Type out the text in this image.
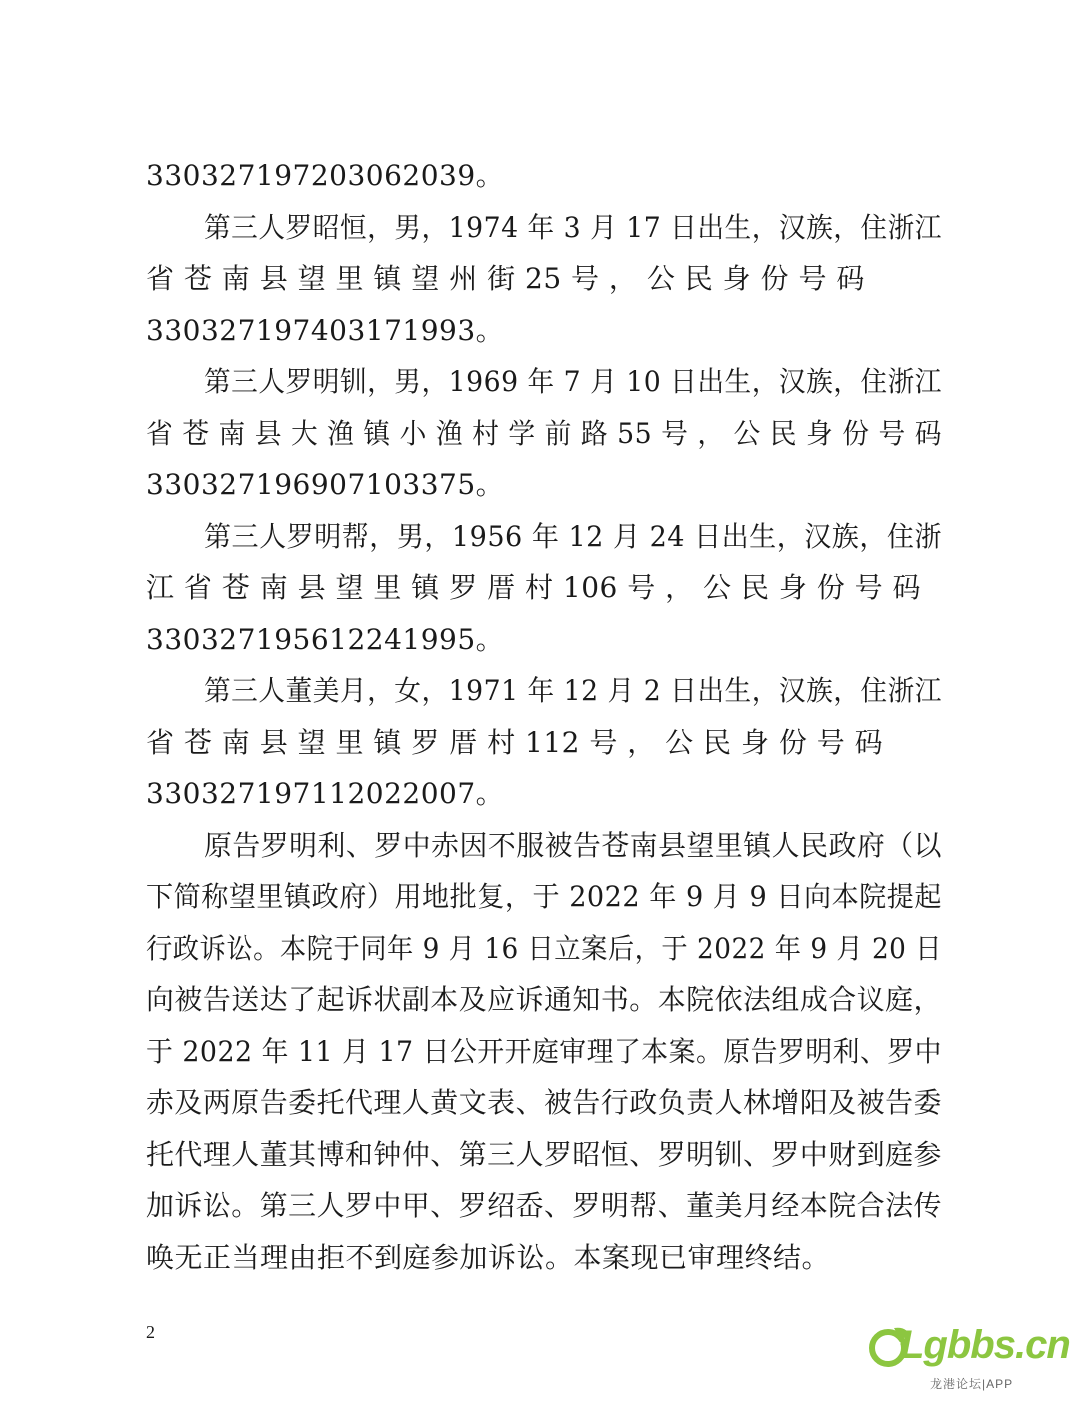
330327197203062039。
第三人罗昭恒，男，1974 年 3 月 17 日出生，汉族，住浙江
省 苍 南 县 望 里 镇 望 州 街 25 号 ， 公 民 身 份 号 码
330327197403171993。
第三人罗明钏，男，1969 年 7 月 10 日出生，汉族，住浙江
省 苍 南 县 大 渔 镇 小 渔 村 学 前 路 55 号 ， 公 民 身 份 号 码
330327196907103375。
第三人罗明帮，男，1956 年 12 月 24 日出生，汉族，住浙
江 省 苍 南 县 望 里 镇 罗 厝 村 106 号 ， 公 民 身 份 号 码
330327195612241995。
第三人董美月，女，1971 年 12 月 2 日出生，汉族，住浙江
省 苍 南 县 望 里 镇 罗 厝 村 112 号 ， 公 民 身 份 号 码
330327197112022007。
原告罗明利、罗中赤因不服被告苍南县望里镇人民政府（以
下简称望里镇政府）用地批复，于 2022 年 9 月 9 日向本院提起
行政诉讼。本院于同年 9 月 16 日立案后，于 2022 年 9 月 20 日
向被告送达了起诉状副本及应诉通知书。本院依法组成合议庭，
于 2022 年 11 月 17 日公开开庭审理了本案。原告罗明利、罗中
赤及两原告委托代理人黄文表、被告行政负责人林增阳及被告委
托代理人董其博和钟仲、第三人罗昭恒、罗明钏、罗中财到庭参
加诉讼。第三人罗中甲、罗绍岙、罗明帮、董美月经本院合法传
唤无正当理由拒不到庭参加诉讼。本案现已审理终结。
2	Lgbbs.cn
龙港论坛|APP
